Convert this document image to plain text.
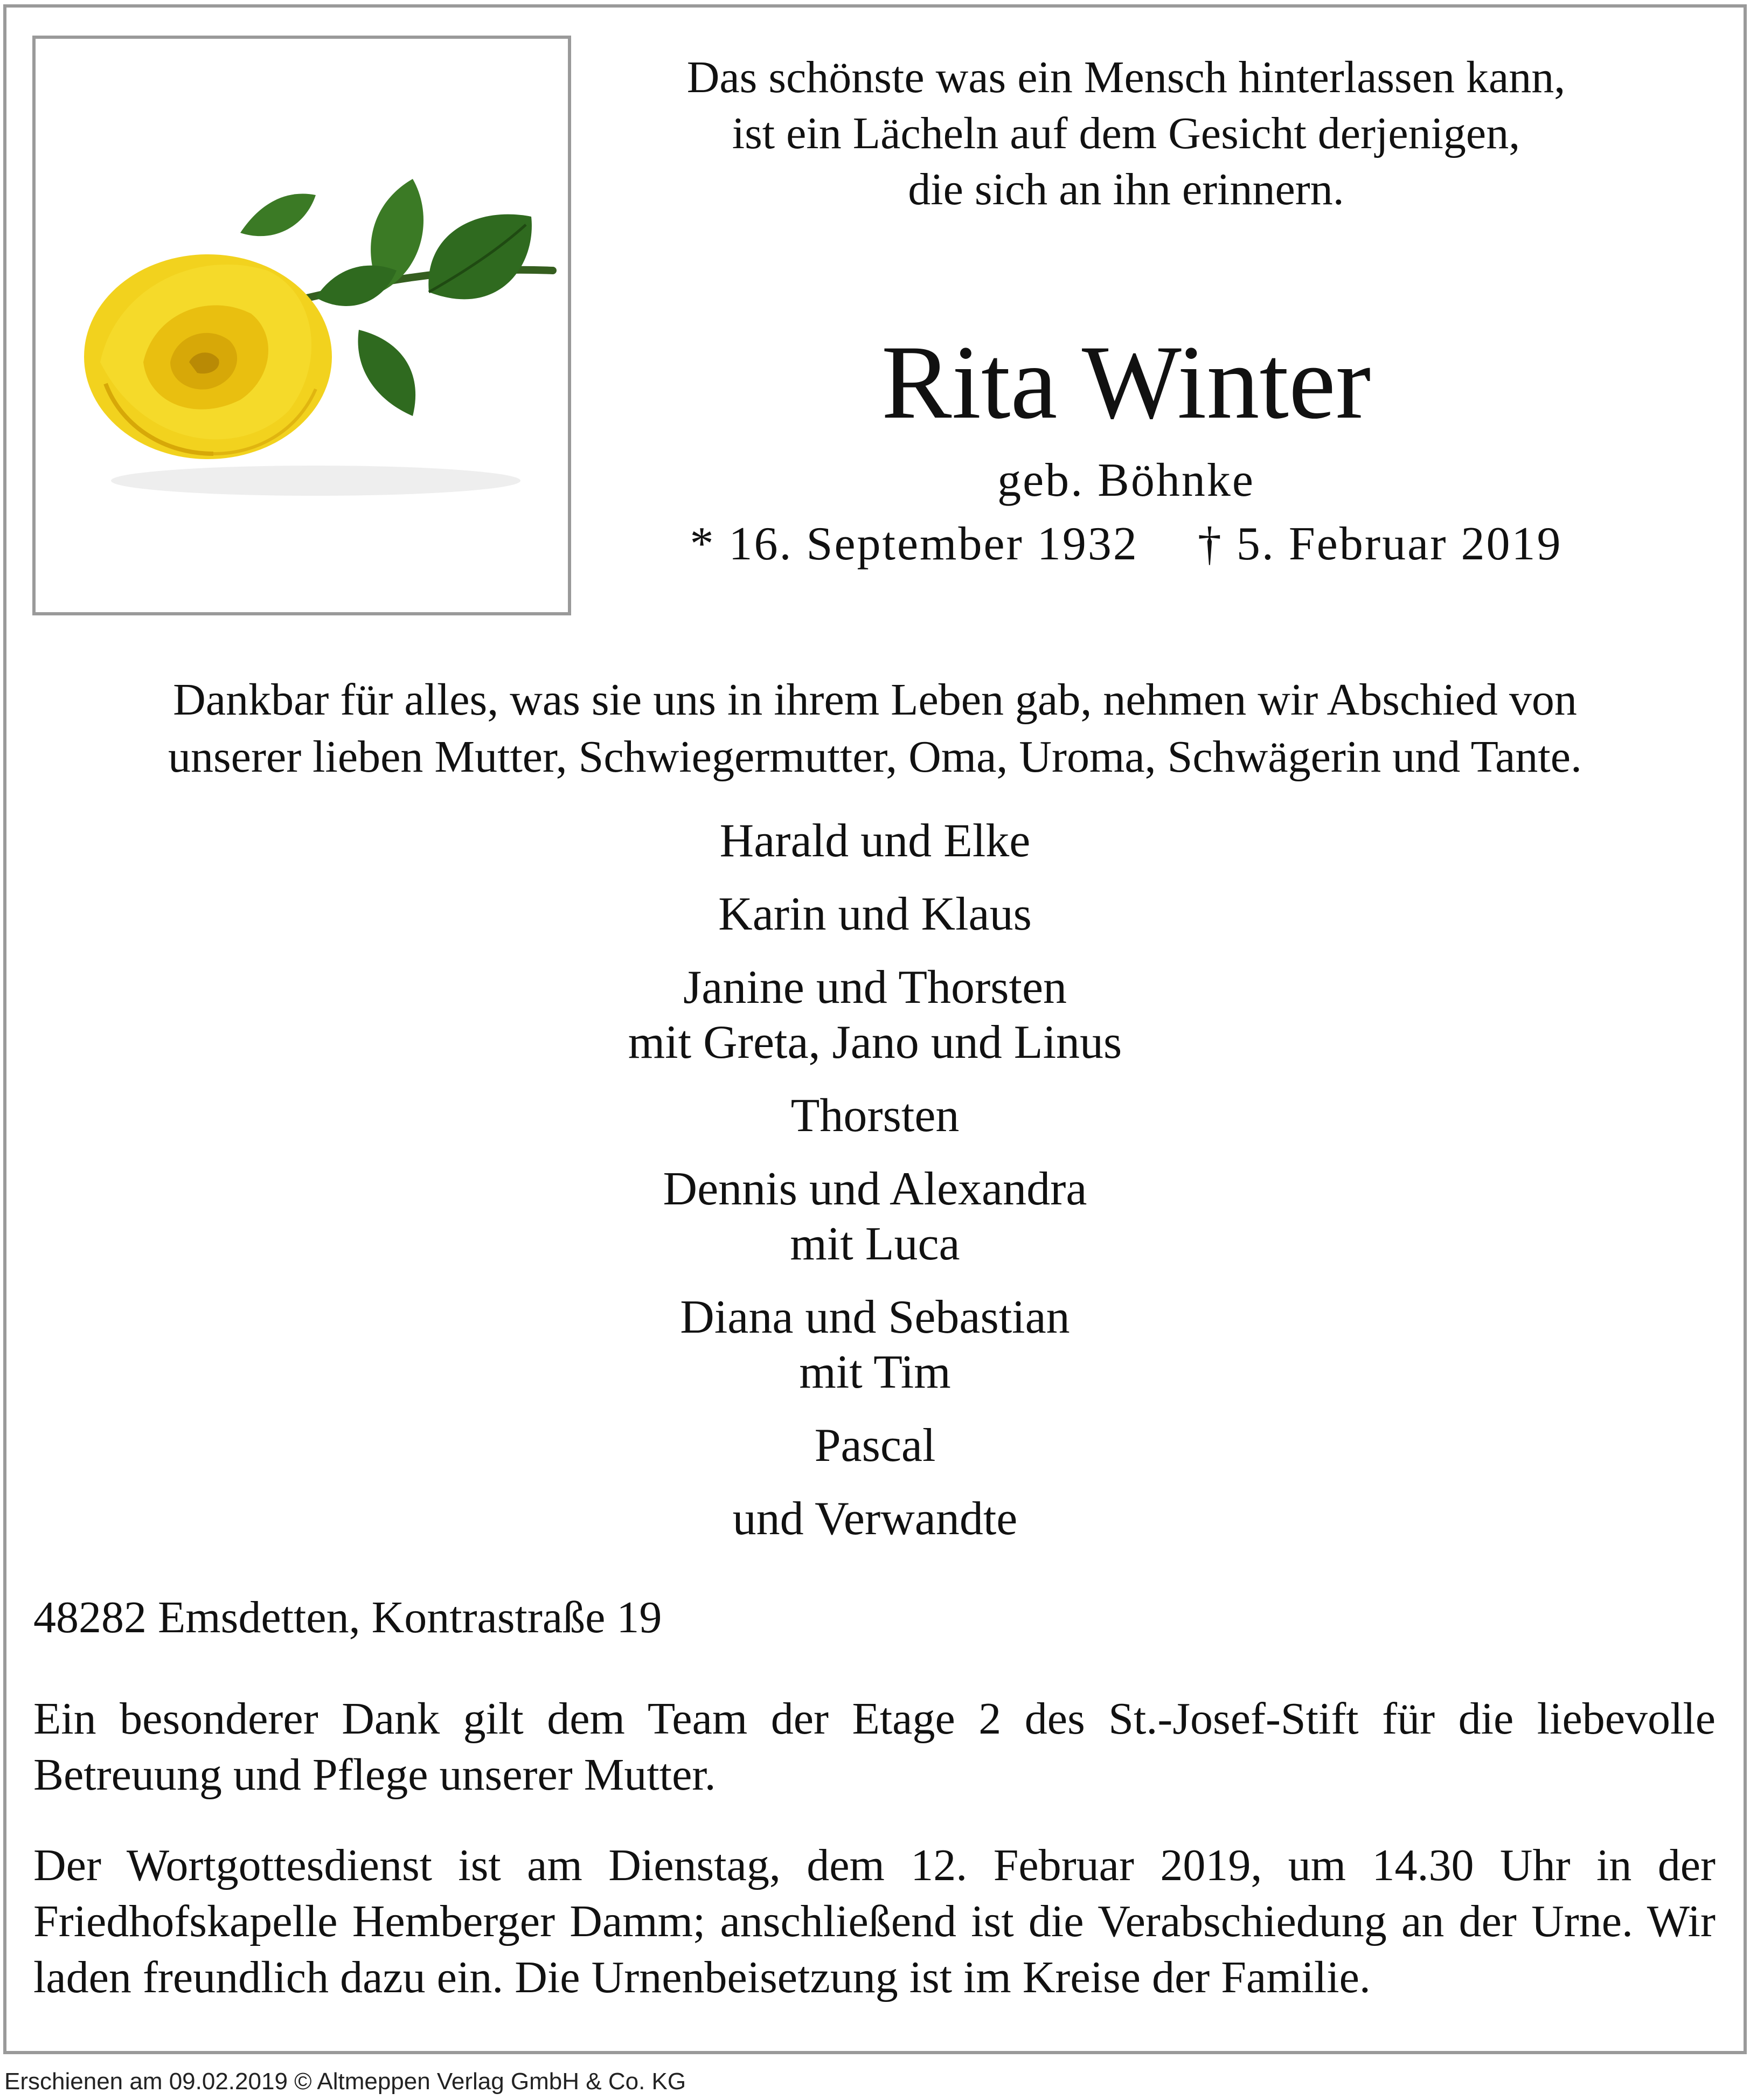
Das schönste was ein Mensch hinterlassen kann,
ist ein Lächeln auf dem Gesicht derjenigen,
die sich an ihn erinnern.
Rita Winter
geb. Böhnke
* 16. September 1932 † 5. Februar 2019
Dankbar für alles, was sie uns in ihrem Leben gab, nehmen wir Abschied von
unserer lieben Mutter, Schwiegermutter, Oma, Uroma, Schwägerin und Tante.
Harald und Elke
Karin und Klaus
Janine und Thorsten
mit Greta, Jano und Linus
Thorsten
Dennis und Alexandra
mit Luca
Diana und Sebastian
mit Tim
Pascal
und Verwandte
48282 Emsdetten, Kontrastraße 19
Ein besonderer Dank gilt dem Team der Etage 2 des St.-Josef-Stift für die liebevolle Betreuung und Pflege unserer Mutter.
Der Wortgottesdienst ist am Dienstag, dem 12. Februar 2019, um 14.30 Uhr in der Friedhofskapelle Hemberger Damm; anschließend ist die Verabschiedung an der Urne. Wir laden freundlich dazu ein. Die Urnenbeisetzung ist im Kreise der Familie.
Erschienen am 09.02.2019 © Altmeppen Verlag GmbH & Co. KG
